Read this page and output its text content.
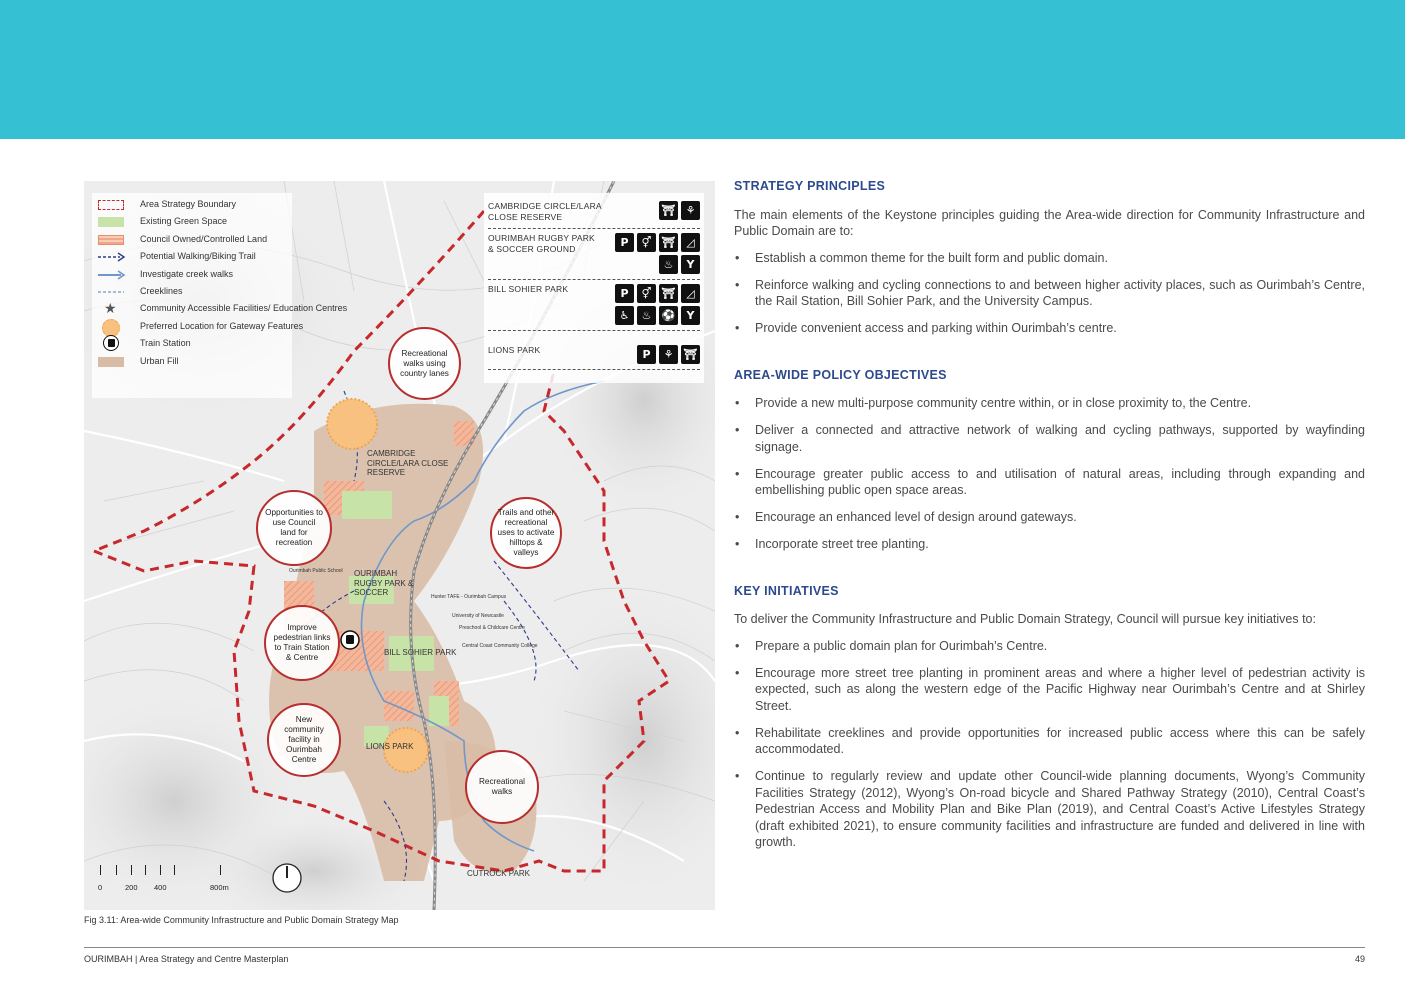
Area Strategy Boundary
Existing Green Space
Council Owned/Controlled Land
Potential Walking/Biking Trail
Investigate creek walks
Creeklines
★	Community Accessible Facilities/ Education Centres
Preferred Location for Gateway Features
Train Station
Urban Fill
CAMBRIDGE CIRCLE/LARA CLOSE RESERVE	⛩ ⚘
OURIMBAH RUGBY PARK & SOCCER GROUND	P	⚥ ⛩ ◿
♨	Y
BILL SOHIER PARK	P	⚥ ⛩ ◿
♿	♨ ⚽	Y
LIONS PARK	P	⚘ ⛩
Recreational walks using country lanes
Opportunities to use Council land for recreation
Trails and other recreational uses to activate hilltops & valleys
Improve pedestrian links to Train Station & Centre
New community facility in Ourimbah Centre
Recreational walks
CAMBRIDGE CIRCLE/LARA CLOSE RESERVE
OURIMBAH RUGBY PARK & SOCCER
BILL SOHIER PARK
LIONS PARK
CUTROCK PARK
Ourimbah Public School
Hunter TAFE - Ourimbah Campus
University of Newcastle
Preschool & Childcare Centre
Central Coast Community College
0	200 400	800m
Fig 3.11: Area-wide Community Infrastructure and Public Domain Strategy Map
STRATEGY PRINCIPLES

The main elements of the Keystone principles guiding the Area-wide direction for Community Infrastructure and Public Domain are to:

• Establish a common theme for the built form and public domain.
• Reinforce walking and cycling connections to and between higher activity places, such as Ourimbah’s Centre, the Rail Station, Bill Sohier Park, and the University Campus.
• Provide convenient access and parking within Ourimbah’s centre.
AREA-WIDE POLICY OBJECTIVES
• Provide a new multi-purpose community centre within, or in close proximity to, the Centre.
• Deliver a connected and attractive network of walking and cycling pathways, supported by wayfinding signage.
• Encourage greater public access to and utilisation of natural areas, including through expanding and embellishing public open space areas.
• Encourage an enhanced level of design around gateways.
• Incorporate street tree planting.
KEY INITIATIVES

To deliver the Community Infrastructure and Public Domain Strategy, Council will pursue key initiatives to:

• Prepare a public domain plan for Ourimbah’s Centre.
• Encourage more street tree planting in prominent areas and where a higher level of pedestrian activity is expected, such as along the western edge of the Pacific Highway near Ourimbah’s Centre and at Shirley Street.
• Rehabilitate creeklines and provide opportunities for increased public access where this can be safely accommodated.
• Continue to regularly review and update other Council-wide planning documents, Wyong’s Community Facilities Strategy (2012), Wyong’s On-road bicycle and Shared Pathway Strategy (2010), Central Coast’s Pedestrian Access and Mobility Plan and Bike Plan (2019), and Central Coast’s Active Lifestyles Strategy (draft exhibited 2021), to ensure community facilities and infrastructure are funded and delivered in line with growth.
OURIMBAH | Area Strategy and Centre Masterplan	49
